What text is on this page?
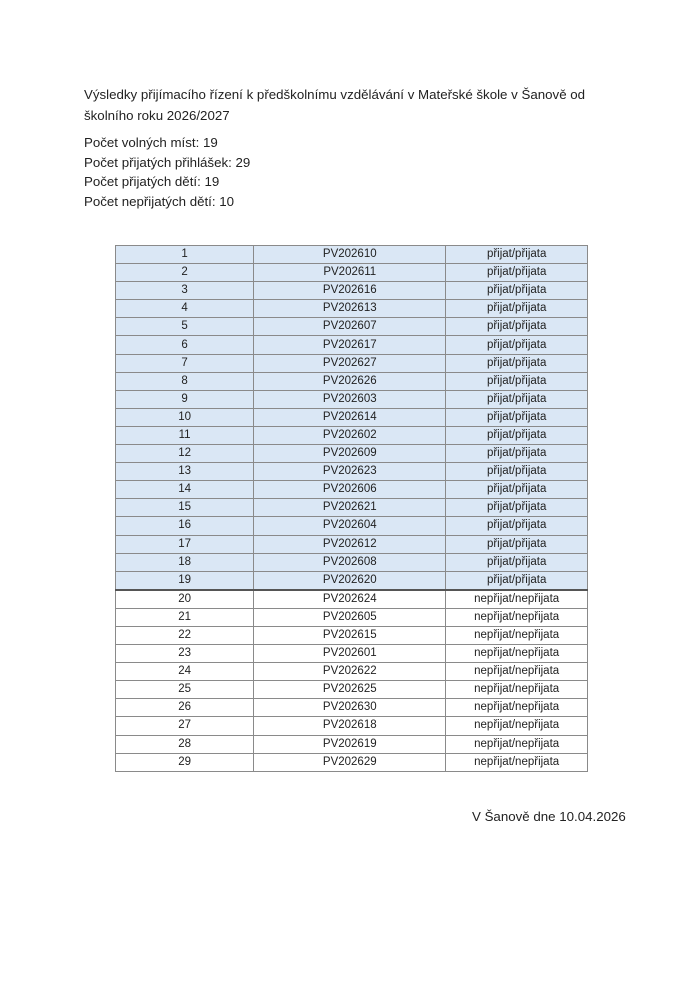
Výsledky přijímacího řízení k předškolnímu vzdělávání v Mateřské škole v Šanově od školního roku 2026/2027
Počet volných míst: 19
Počet přijatých přihlášek: 29
Počet přijatých dětí: 19
Počet nepřijatých dětí: 10
1	PV202610	přijat/přijata
2	PV202611	přijat/přijata
3	PV202616	přijat/přijata
4	PV202613	přijat/přijata
5	PV202607	přijat/přijata
6	PV202617	přijat/přijata
7	PV202627	přijat/přijata
8	PV202626	přijat/přijata
9	PV202603	přijat/přijata
10	PV202614	přijat/přijata
11	PV202602	přijat/přijata
12	PV202609	přijat/přijata
13	PV202623	přijat/přijata
14	PV202606	přijat/přijata
15	PV202621	přijat/přijata
16	PV202604	přijat/přijata
17	PV202612	přijat/přijata
18	PV202608	přijat/přijata
19	PV202620	přijat/přijata
20	PV202624	nepřijat/nepřijata
21	PV202605	nepřijat/nepřijata
22	PV202615	nepřijat/nepřijata
23	PV202601	nepřijat/nepřijata
24	PV202622	nepřijat/nepřijata
25	PV202625	nepřijat/nepřijata
26	PV202630	nepřijat/nepřijata
27	PV202618	nepřijat/nepřijata
28	PV202619	nepřijat/nepřijata
29	PV202629	nepřijat/nepřijata
V Šanově dne 10.04.2026
